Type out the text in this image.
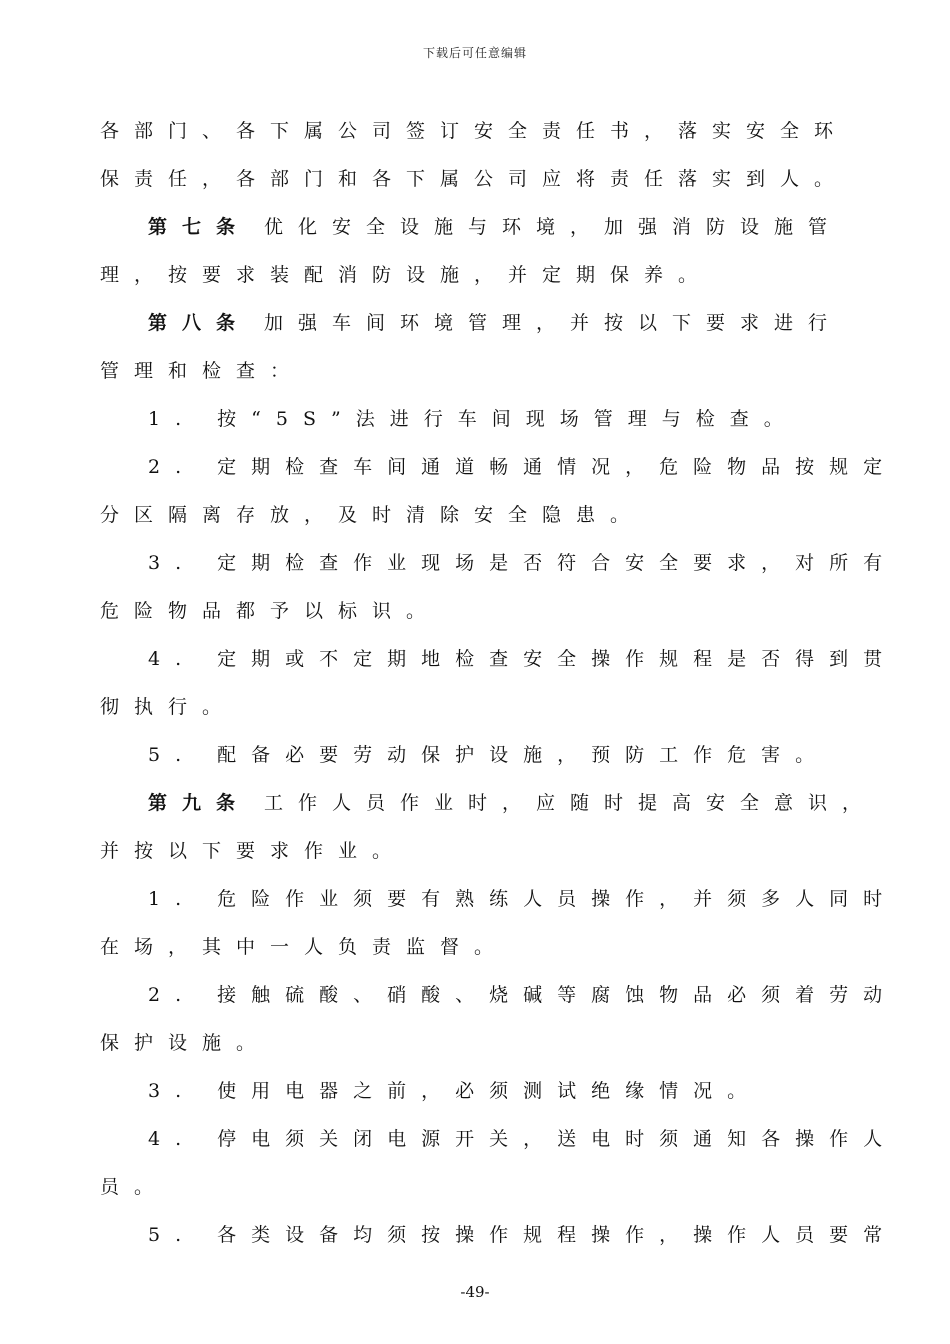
下载后可任意编辑
各部门、各下属公司签订安全责任书，落实安全环
保责任，各部门和各下属公司应将责任落实到人。
第七条 优化安全设施与环境，加强消防设施管
理，按要求装配消防设施，并定期保养。
第八条 加强车间环境管理，并按以下要求进行
管理和检查：
1. 按“5S”法进行车间现场管理与检查。
2. 定期检查车间通道畅通情况，危险物品按规定
分区隔离存放，及时清除安全隐患。
3. 定期检查作业现场是否符合安全要求，对所有
危险物品都予以标识。
4. 定期或不定期地检查安全操作规程是否得到贯
彻执行。
5. 配备必要劳动保护设施，预防工作危害。
第九条 工作人员作业时，应随时提高安全意识，
并按以下要求作业。
1. 危险作业须要有熟练人员操作，并须多人同时
在场，其中一人负责监督。
2. 接触硫酸、硝酸、烧碱等腐蚀物品必须着劳动
保护设施。
3. 使用电器之前，必须测试绝缘情况。
4. 停电须关闭电源开关，送电时须通知各操作人
员。
5. 各类设备均须按操作规程操作，操作人员要常
-49-
